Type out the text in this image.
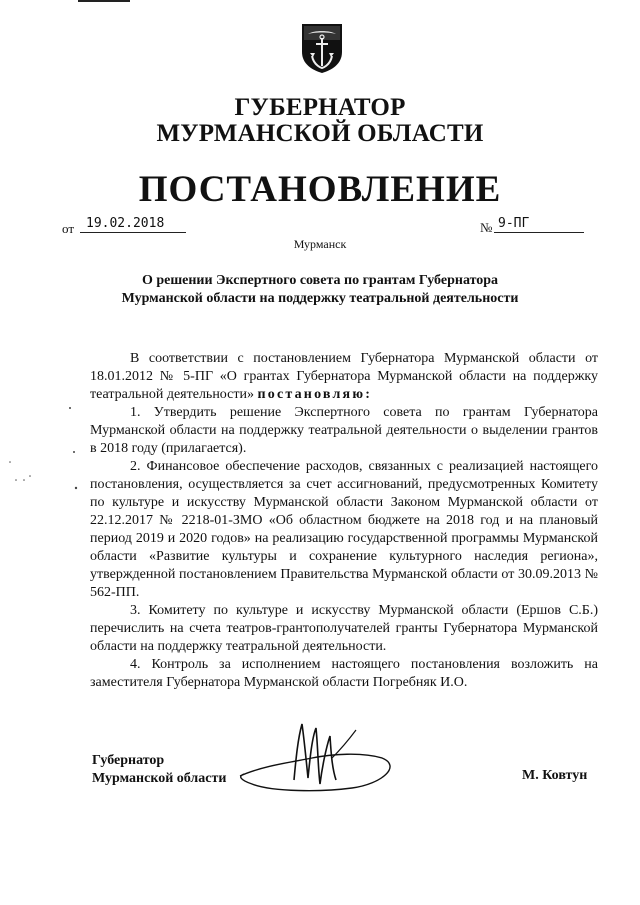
ГУБЕРНАТОР
МУРМАНСКОЙ ОБЛАСТИ
ПОСТАНОВЛЕНИЕ
от 19.02.2018	№ 9-ПГ
Мурманск
О решении Экспертного совета по грантам Губернатора
Мурманской области на поддержку театральной деятельности

В соответствии с постановлением Губернатора Мурманской области от 18.01.2012 № 5-ПГ «О грантах Губернатора Мурманской области на поддержку театральной деятельности» постановляю:

1. Утвердить решение Экспертного совета по грантам Губернатора Мурманской области на поддержку театральной деятельности о выделении грантов в 2018 году (прилагается).

2. Финансовое обеспечение расходов, связанных с реализацией настоящего постановления, осуществляется за счет ассигнований, предусмотренных Комитету по культуре и искусству Мурманской области Законом Мурманской области от 22.12.2017 № 2218-01-ЗМО «Об областном бюджете на 2018 год и на плановый период 2019 и 2020 годов» на реализацию государственной программы Мурманской области «Развитие культуры и сохранение культурного наследия региона», утвержденной постановлением Правительства Мурманской области от 30.09.2013 № 562-ПП.

3. Комитету по культуре и искусству Мурманской области (Ершов С.Б.) перечислить на счета театров-грантополучателей гранты Губернатора Мурманской области на поддержку театральной деятельности.

4. Контроль за исполнением настоящего постановления возложить на заместителя Губернатора Мурманской области Погребняк И.О.

Губернатор
Мурманской области	М. Ковтун
